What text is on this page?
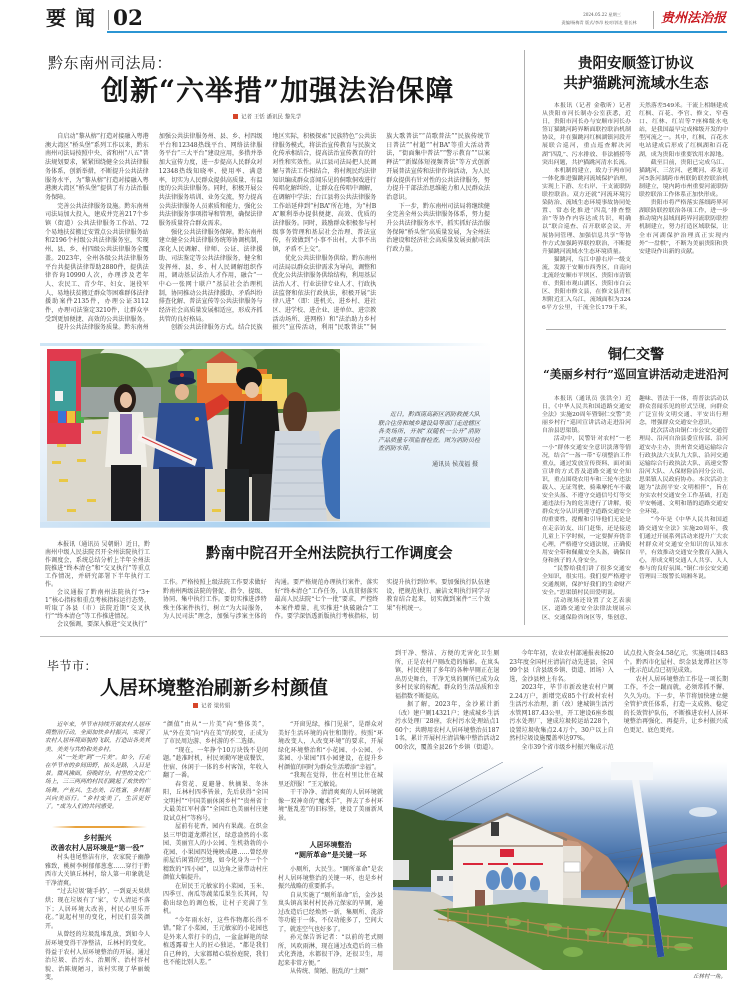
要闻 02	2024.05.22 星期三
责编/杨梅青 版式/李昂 校对/郭龙 曹长林	贵州法治报
黔东南州司法局：
创新“六举措”加强法治保障
记者 王恬 潘讯民 黎先学

自启动“黎从榕”打造对接融入粤港澳大湾区“桥头堡”系列工作以来，黔东南州司法局按照中央、省和州“八五”普法规划要求，紧紧围绕健全公共法律服务体系，创新举措，不断提升公共法律服务水平，为“黎从榕”打造对接融入粤港澳大湾区“桥头堡”提供了有力法治服务保障。

完善公共法律服务设施。黔东南州司法局加大投入，建成并完善217个乡镇（街道）公共法律服务工作站、72个易地扶贫搬迁安置点公共法律服务站和2196个村级公共法律服务室，实现州、县、乡、村四级公共法律服务全覆盖。2023年，全州各级公共法律服务平台共提供法律帮助2880件，提供法律咨询10990人次，办理涉及老年人、农民工、青少年、妇女、退役军人、易地扶贫搬迁群众等困难群体法律援助案件2135件，办理公证3112件，办理司法鉴定3210件，让群众享受到更加便捷、高效的公共法律服务。

提升公共法律服务质量。黔东南州加强公共法律服务州、县、乡、村四级平台和12348热线平台、网络法律服务平台“三大平台”建设应用，多措并举加大宣传力度，进一步提高人民群众对12348热线知晓率、使用率、满意率，切实为人民群众提供高质量、有温度的公共法律服务。同时，积极开展公共法律服务培训、业务交流，努力提高公共法律服务人员素质和能力，强化公共法律服务事项指导和管理，确保法律服务质量符合群众需求。

强化公共法律服务保障。黔东南州建立健全公共法律服务统筹协调机制，深化人民调解、律师、公证、法律援助、司法鉴定等公共法律服务，健全和发挥州、县、乡、村人民调解组织作用，调动基层法治人才作用，融合“一中心一张网十联户”基层社会治理机制，协同推动公共法律援助、矛盾纠纷排查化解、普法宣传等公共法律服务与经济社会高质量发展相适应，形成齐抓共管的良好格局。

创新公共法律服务方式。结合民族地区实际，积极探索“民族特色”公共法律服务模式，将法治宣传教育与民族文化传承相结合，提高法治宣传教育的针对性和实效性。从江县司法局把人民调解与普法工作相结合，将村规民约法律知识编成群众喜闻乐见的侗歌侗戏进行传唱化解纠纷，让群众在传唱中调解，在调解中学法；台江县将公共法律服务工作站延伸到“村BA”所在地，为“村BA”顺利举办提供便捷、高效、优质的法律服务。同时，鼓励群众积极参与村级事务管理和基层社会治理、普法宣传，有效做到“小事不出村，大事不出镇，矛盾不上交”。

优化公共法律服务供给。黔东南州司法局以群众法律需求为导向，调整和优化公共法律服务供给结构，利用基层法治人才、行业法律专业人才、行政执法监督和依法行政执法，积极开展“法律八进”（即：进机关、进乡村、进社区、进学校、进企业、进单位、进宗教活动场所、进网格）和“法治助力乡村振兴”宣传活动，利用“民歌普法”“侗族大歌普法”“苗歌普法”“民族传统节日普法”“村超”“村BA”等重大活动普法，“街面集中普法”“警示教育”“以案释法”“新媒体短视频普法”等方式创新开展普法宣传和法律咨询活动，为人民群众提供有针对性的公共法律服务，努力提升干部法治思维能力和人民群众法治意识。

下一步，黔东南州司法局将继续健全完善全州公共法律服务体系，努力提升公共法律服务水平，抓实抓好法治服务保障“桥头堡”高质量发展，为全州法治建设和经济社会高质量发展贡献司法行政力量。

近日，黔西南高新区消防救援大队联合住房和城乡建设局等部门走进辖区各类场所，开展“双随机一公开”消防产品质量专项监督检查。图为消防员检查消防水带。

通讯员 侯茂福 摄

本报讯（通讯员 吴朝娟）近日，黔南州中级人民法院召开全州法院执行工作调度会，系统总结分析上半年全州法院推进“终本清仓”和“交叉执行”等重点工作情况，并研究部署下半年执行工作。

会议通报了黔南州法院执行“3+1”核心指标和重点考核指标运行态势，听取了各县（市）法院近期“交叉执行”“终本清仓”等工作推进情况。

会议强调，要深入推进“交叉执行”

黔南中院召开全州法院执行工作调度会

工作。严格按照上级法院工作要求做好黔南州两级法院的督促、指令、提级、协同、集中执行工作。要切实推进涉特殊主体案件执行，树立“为大局服务，为人民司法”理念，加强与涉案主体的沟通。要严格规范办理执行案件，落实好“终本清仓”工作任务，认真贯彻落实最高人民法院“七个一批”要求，严控终本案件增量，扎实推进“执破融合”工作。要学深悟透新版执行考核指标，切实提升执行到位率。要加强执行队伍建设，把规范执行、廉洁文明执行同学习教育结合起来，切实做到案件“三个效果”有机统一。

贵阳安顺签订协议
共护猫跳河流域水生态

本报讯（记者 金敬昕）记者从贵阳市河长制办公室获悉，近日，贵阳市河长办与安顺市河长办签订猫跳河跨界断面联控联治机制协议，并在猫跳河红枫湖镇河段开展联合巡河，重点巡查解决河湖“四乱”、污水排放、非法捕捞等突出问题，共护猫跳河清水长流。

本机制的建立，致力于两市同一体化推进猫跳河流域保护治理，实现上下游、左右岸、干支流联防联控联治。双方还就“河流环境污染防治、流域生态环境事故协同处置、常态化推进‘四乱’排查整治”等协作内容达成共识，明确以“联合巡查、召开联席会议、开展协同管理、加强信息共享”等协作方式加强跨界联控联治，不断提升猫跳河流域水生态环境质量。

猫跳河，乌江中游右岸一级支流，发源于安顺市西秀区，自南向北流经安顺市平坝区、贵阳市清镇市、贵阳市观山湖区、贵阳市白云区、贵阳市修文县，在修文县青杠坝附近汇入乌江，流域面积为3246平方公里，干流全长179千米，天然落差549米。干流上相继建成红枫、百花、李官、修文、窄巷口、红林、红岩等7座梯级水电站，是我国最早完成梯级开发的中型河流之一。其中，红枫、百花水电站建成后形成了红枫湖和百花湖，成为贵阳市重要饮用水源地。

截至目前，贵阳已完成乌江、猫跳河、三岔河、老鹰河、养龙司河5条河湖跨市州联防联控联治机制建立，境内跨市州重要河流联防联控联治工作体系正加快形成。

贵阳市将严格落实落细跨界河湖联防联控联治各项工作，进一步推动境内县域间跨界河流联防联控机制建立，努力打造区域联保，让全市河湖保护治理真正实现内外“一盘棋”，不断为美丽贵阳和贵安建设作出新的贡献。

铜仁交警
“美丽乡村行”巡回宣讲活动走进沿河

本报讯（通讯员 张洪全）近日，《中华人民共和国道路交通安全法》实施20周年暨铜仁交警“美丽乡村行”巡回宣讲活动走进沿河自治县思渠镇。

活动中，民警针对农村“一老一小”群体交通安全意识淡薄等情况，结合“一盔一带”专项整治工作重点，通过发放宣传资料、面对面宣讲的方式普及道路交通安全知识，重点围绕农用车和三轮车违法载人、无证驾驶、骑乘摩托车不戴安全头盔、不遵守交通信号灯等交通违法行为的危害进行了讲解，使群众充分认识到遵守道路交通安全的重要性，提醒和引导他们无论是在走亲访友、出门赶集，还是接送儿童上下学时候，一定要摒弃侥幸心理，严格遵守交通法规，正确使用安全带和佩戴安全头盔，确保自身和孩子的人身安全。

“民警给我们讲了很多交通安全知识，很实用。我们要严格遵守交通规则，保护好我们的生命财产安全。”思渠镇村民田爱明说。

活动现场还设置了文艺表演区、道路交通安全法律法规展示区、交通保险咨询区等，集创意、趣味、普法于一体，将普法活动以群众喜闻乐见的形式呈现，向群众广泛宣传文明交通、平安出行理念，增强群众交通安全意识。

此次活动由铜仁市公安交通管理局、沿河自治县委宣传部、沿河道安办主办，贵州省交通运输综合行政执法六支队九大队、沿河交通运输综合行政执法大队、高速交警沿河大队、人保财险沿河分公司、思渠镇人民政府协办。本次活动主题为“法润平安·文明相伴”，旨在夯实农村交通安全工作基础，打造平安畅通、文明和谐的道路交通安全环境。

“今年是《中华人民共和国道路交通安全法》实施20周年，我们通过开展系列活动来提升广大农村群众对交通安全知识的认知水平，有效推动交通安全教育入脑入心，形成文明交通人人共享、人人参与的良好氛围。”铜仁市公安交通管理局三级警长周湘冬说。

毕节市：
人居环境整治刷新乡村颜值
记者 梁传娟

近年来，毕节市持续开展农村人居环境整治行动，全面加快乡村振兴，实现了农村人居环境面貌的飞跃，打造出各美其美、美美与共的和美乡村。

从“一处美”到“一片美”。如今，行走在毕节市的乡间田野，抬头是路，入目是景。微风拂面，傍晚时分，村里的文化广场上，三三两两的村民们跳起了欢快的广场舞。产业兴、生态美、百姓富，乡村振兴向美而行。“乡村变美了，生活更好了。”成为人们的共同感受。

乡村振兴
改善农村人居环境是“第一役”

村头巷尾整洁有序，农家院子幽静雅致，桃树李树郁郁葱葱……穿行于黔西市大关镇丘林村，给人第一印象就是干净清爽。

“过去垃圾‘随手扔’，一到夏天臭烘烘；现在垃圾有了‘家’，专人清运不落下；人居环境大改善，村民心里乐开花。”说起村里的变化，村民们喜笑颜开。

从曾经的垃圾乱堆乱放，到如今人居环境变得干净整洁，丘林村的变化，得益于农村人居环境整治的开展。通过治垃圾、治污水、治厕所、治村容村貌、治陈规陋习，该村实现了华丽蜕变，

“颜值”由从“一片美”向“整体美”，从“外在美”向“内在美”的转变，正成为了市民周边游、乡村游的不二选择。

“现在，一年挣个10万块钱不是问题。”趁准时机，村民刘勤军建成餐饮、住宿、休闲于一体的乡村客馆，年收入翻了一番。

春赏花、夏避暑、秋摘果、冬沐阳，丘林村四季皆景，先后获得“全国文明村”“中国美丽休闲乡村”“贵州省十大最美红军村落”“全国红色美丽村庄建设试点村”等称号。

屋前有花香，园内有果蔬。在织金县三甲街道龙潭社区，绿意盎然的小菜园、美丽宜人的小公园、生机勃勃的小花园、小果园四处掩映成趣……曾经房前屋后闲置的空地，如今化身为一个个精致的“四小园”，以边角之景带动村庄颜值大幅提升。

在居民王元敏家的小菜园，玉米、四季豆、南瓜等蔬菜瓜果生长其间，勾勒出绿色的调色板，让村子充满了生机。

“今年雨水好，这些作物都长得不错。”除了小菜园，王元敏家的小花园也是外来人常打卡的点，一盆盆鲜艳的绿植透露着主人的匠心独运，“都是我们自己种的，大家都精心装扮庭院，我们也不能比别人差。”

“开窗见绿，推门见景”，是群众对美好生活环境的向往和期待。按照“环境改变人，人改变环境”的要求，开展绿化环境整治和“小花园、小公园、小菜园、小果园”四小园建设，在提升乡村颜值的同时为群众生活增添“幸福”。

“我现在觉得，住在村里比住在城里还舒服！”王元敏说。

干干净净、清清爽爽的人居环境就像一双神奇的“魔术手”，挥去了乡村环境“脏乱差”的旧标签，建设了美丽新风景。

人居环境整治
“厕所革命”是关键一环

小厕所，大民生。“厕所革命”是农村人居环境整治的关键一环，也是乡村振兴战略的重要抓手。

自从实施了“厕所革命”后，金沙县岚头镇高果村村民孙元保家的旱厕，通过改造后已经焕然一新，集厕所、洗浴等功能于一体，不仅功能多了，空间大了，就连空气也好多了。

孙元保告诉记者：“以前的老式厕所，风吹雨淋，现在通过改造后的三格式化粪池，水都很干净，还很卫生，用起来非常方便。”

从传统、简陋、脏乱的“土厕”

到干净、整洁、方便的无害化卫生厕所，正是农村户厕改造的缩影。在岚头镇，村民使用了多年的各种旱厕正在退出历史舞台，干净无臭的厕所已成为众多村民家的标配，群众的生活品质和幸福指数不断提高。

据了解，2023年，金沙累计新（改）建户厕14321户；建成城乡生活污水处理厂28座，农村污水处理站点160个；共聘用农村人居环境整治员1871名，累计开展村庄清洁集中整治活动200余次，覆盖全县26个乡镇（街道）。

今年年初，农业农村部通报表扬2023年度全国村庄清洁行动先进县，全国99个县（含县级乡镇、街道、团场）入选，金沙县榜上有名。

2023年，毕节市新改建农村户厕2.24万户，新增完成85个行政村农村生活污水治理，新（改）建城镇生活污水管网187.43公里，开工建设6座乡级污水处理厂，建成垃圾转运站228个，设置垃圾收集点2.4万个，30户以上自然村垃圾设施覆盖率达97%。

全市39个省市级乡村振兴集成示范试点投入资金4.58亿元，实施项目483个。黔西市化屋村、织金县龙潭社区等一批示范试点已初见成效。

农村人居环境整治工作是一项长期工作，不会一蹴而就，必须常抓不懈、久久为功。下一步，毕节将加快建立健全管护责任体系，打造一支成熟、稳定的长效管护队伍，不断推进农村人居环境整治再强化、再提升，让乡村振兴成色更足、底色更亮。

丘林村一角。
